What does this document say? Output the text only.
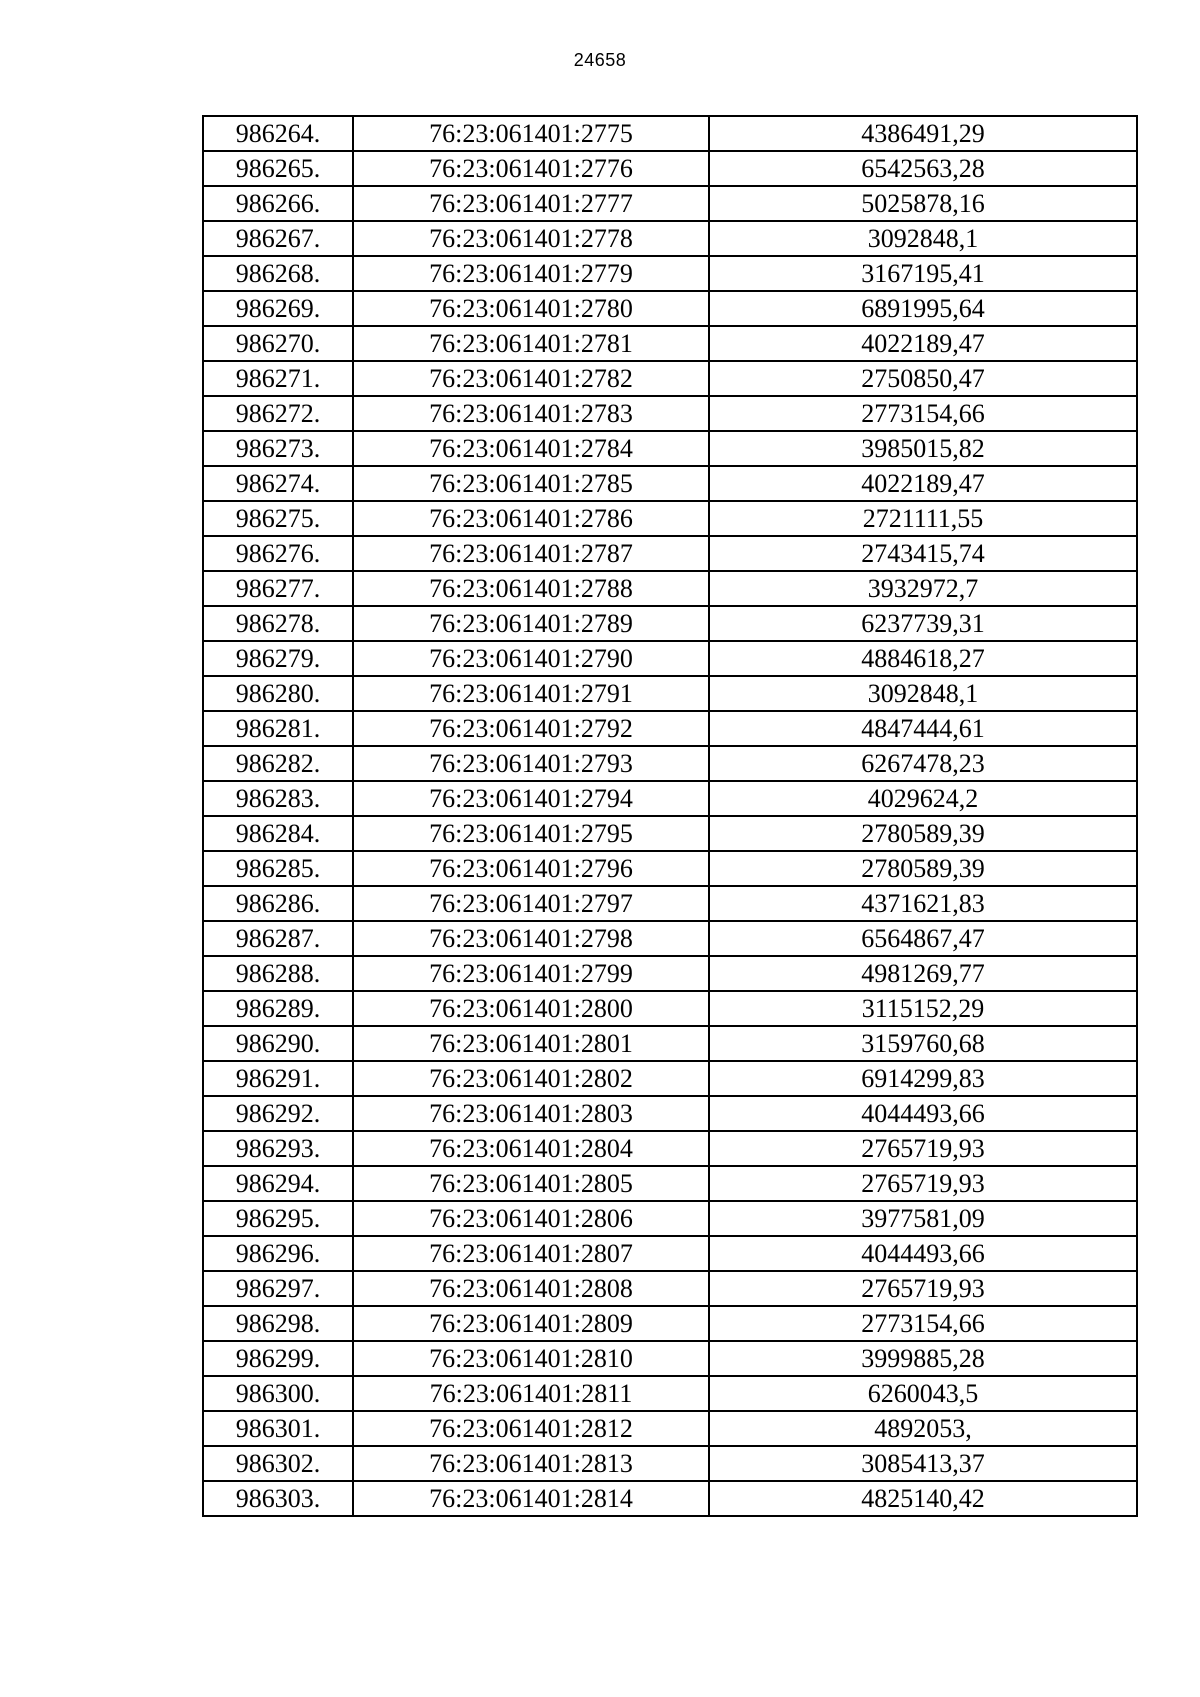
24658
986264.	76:23:061401:2775	4386491,29
986265.	76:23:061401:2776	6542563,28
986266.	76:23:061401:2777	5025878,16
986267.	76:23:061401:2778	3092848,1
986268.	76:23:061401:2779	3167195,41
986269.	76:23:061401:2780	6891995,64
986270.	76:23:061401:2781	4022189,47
986271.	76:23:061401:2782	2750850,47
986272.	76:23:061401:2783	2773154,66
986273.	76:23:061401:2784	3985015,82
986274.	76:23:061401:2785	4022189,47
986275.	76:23:061401:2786	2721111,55
986276.	76:23:061401:2787	2743415,74
986277.	76:23:061401:2788	3932972,7
986278.	76:23:061401:2789	6237739,31
986279.	76:23:061401:2790	4884618,27
986280.	76:23:061401:2791	3092848,1
986281.	76:23:061401:2792	4847444,61
986282.	76:23:061401:2793	6267478,23
986283.	76:23:061401:2794	4029624,2
986284.	76:23:061401:2795	2780589,39
986285.	76:23:061401:2796	2780589,39
986286.	76:23:061401:2797	4371621,83
986287.	76:23:061401:2798	6564867,47
986288.	76:23:061401:2799	4981269,77
986289.	76:23:061401:2800	3115152,29
986290.	76:23:061401:2801	3159760,68
986291.	76:23:061401:2802	6914299,83
986292.	76:23:061401:2803	4044493,66
986293.	76:23:061401:2804	2765719,93
986294.	76:23:061401:2805	2765719,93
986295.	76:23:061401:2806	3977581,09
986296.	76:23:061401:2807	4044493,66
986297.	76:23:061401:2808	2765719,93
986298.	76:23:061401:2809	2773154,66
986299.	76:23:061401:2810	3999885,28
986300.	76:23:061401:2811	6260043,5
986301.	76:23:061401:2812	4892053,
986302.	76:23:061401:2813	3085413,37
986303.	76:23:061401:2814	4825140,42
